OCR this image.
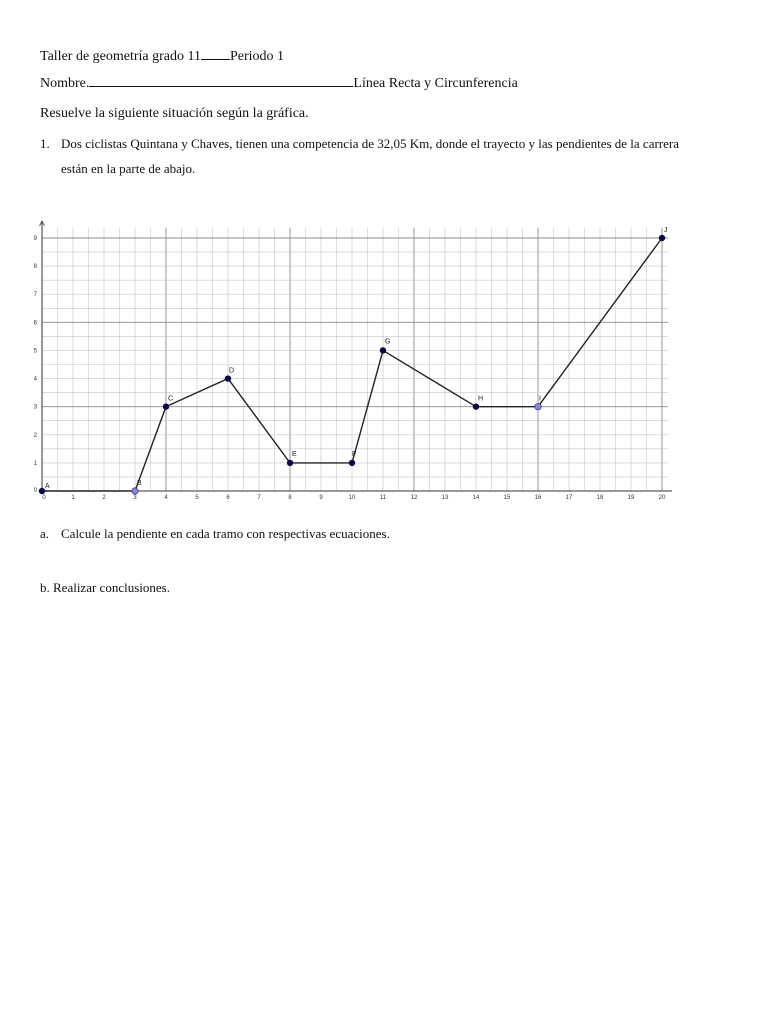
Taller de geometría grado 11 Periodo 1
Nombre.	Línea Recta y Circunferencia
Resuelve la siguiente situación según la gráfica.
1. Dos ciclistas Quintana y Chaves, tienen una competencia de 32,05 Km, donde el trayecto y las pendientes de la carrera
están en la parte de abajo.
0	1	2	3	4	5	6	7	8	9	10	11	12	13	14	15	16	17	18	19	20
1
2
3
4
5
6
7
8
9
0
A	B
C
D
E	F
G
H	I
J
a. Calcule la pendiente en cada tramo con respectivas ecuaciones.
b. Realizar conclusiones.
